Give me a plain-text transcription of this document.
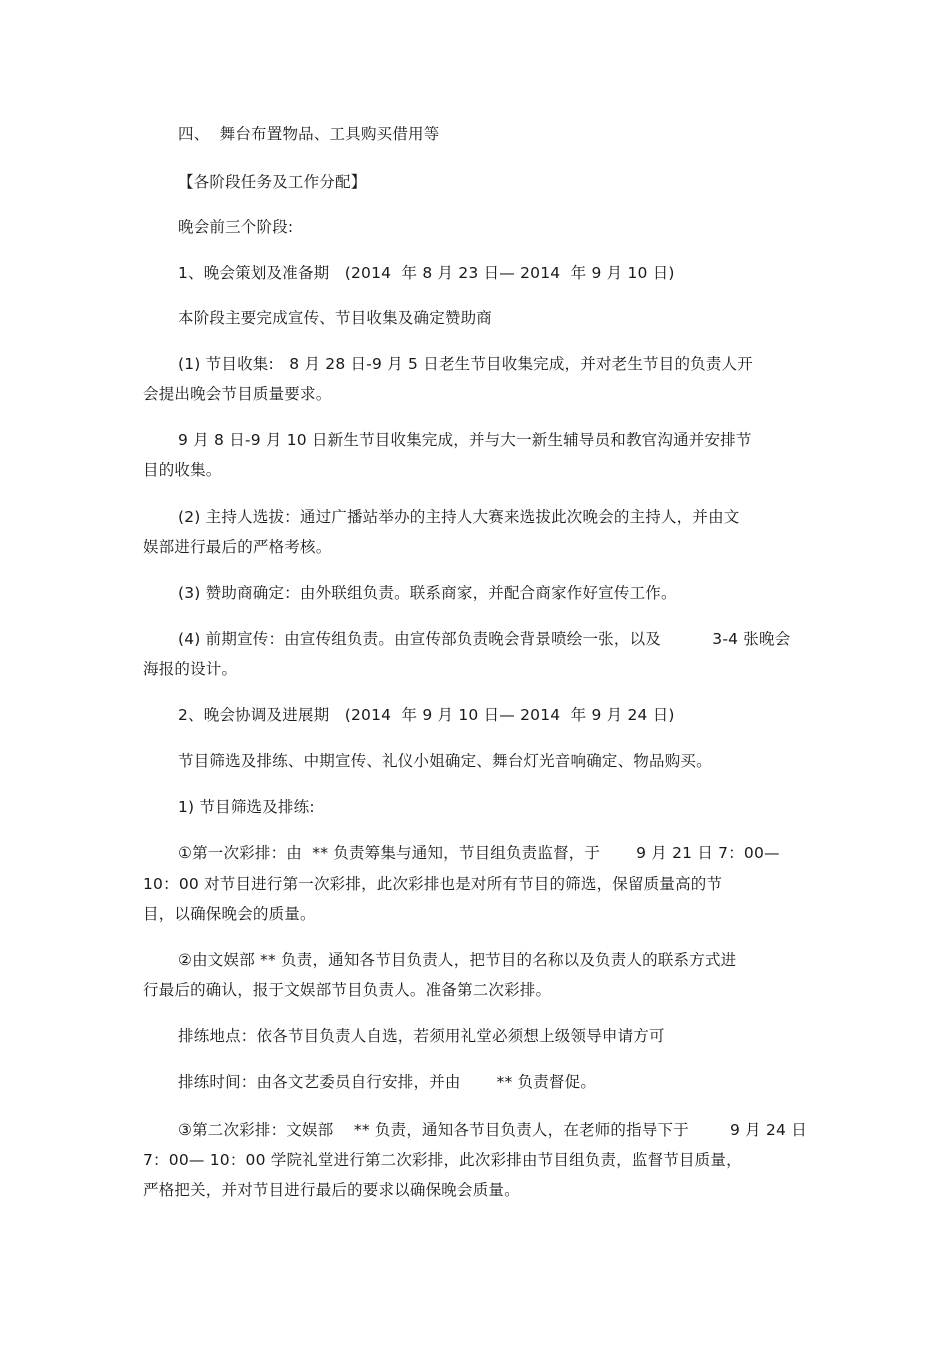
四、  舞台布置物品、工具购买借用等
【各阶段任务及工作分配】
晚会前三个阶段:
1、晚会策划及准备期   (2014  年 8 月 23 日— 2014  年 9 月 10 日)
本阶段主要完成宣传、节目收集及确定赞助商
(1) 节目收集:   8 月 28 日-9 月 5 日老生节目收集完成，并对老生节目的负责人开
会提出晚会节目质量要求。
9 月 8 日-9 月 10 日新生节目收集完成，并与大一新生辅导员和教官沟通并安排节
目的收集。
(2) 主持人选拔：通过广播站举办的主持人大赛来选拔此次晚会的主持人，并由文
娱部进行最后的严格考核。
(3) 赞助商确定：由外联组负责。联系商家，并配合商家作好宣传工作。
(4) 前期宣传：由宣传组负责。由宣传部负责晚会背景喷绘一张，以及          3-4 张晚会
海报的设计。
2、晚会协调及进展期   (2014  年 9 月 10 日— 2014  年 9 月 24 日)
节目筛选及排练、中期宣传、礼仪小姐确定、舞台灯光音响确定、物品购买。
1) 节目筛选及排练:
①第一次彩排：由  ** 负责筹集与通知，节目组负责监督，于       9 月 21 日 7：00—
10：00 对节目进行第一次彩排，此次彩排也是对所有节目的筛选，保留质量高的节
目，以确保晚会的质量。
②由文娱部 ** 负责，通知各节目负责人，把节目的名称以及负责人的联系方式进
行最后的确认，报于文娱部节目负责人。准备第二次彩排。
排练地点：依各节目负责人自选，若须用礼堂必须想上级领导申请方可
排练时间：由各文艺委员自行安排，并由       ** 负责督促。
③第二次彩排：文娱部    ** 负责，通知各节目负责人，在老师的指导下于        9 月 24 日
7：00— 10：00 学院礼堂进行第二次彩排，此次彩排由节目组负责，监督节目质量，
严格把关，并对节目进行最后的要求以确保晚会质量。
